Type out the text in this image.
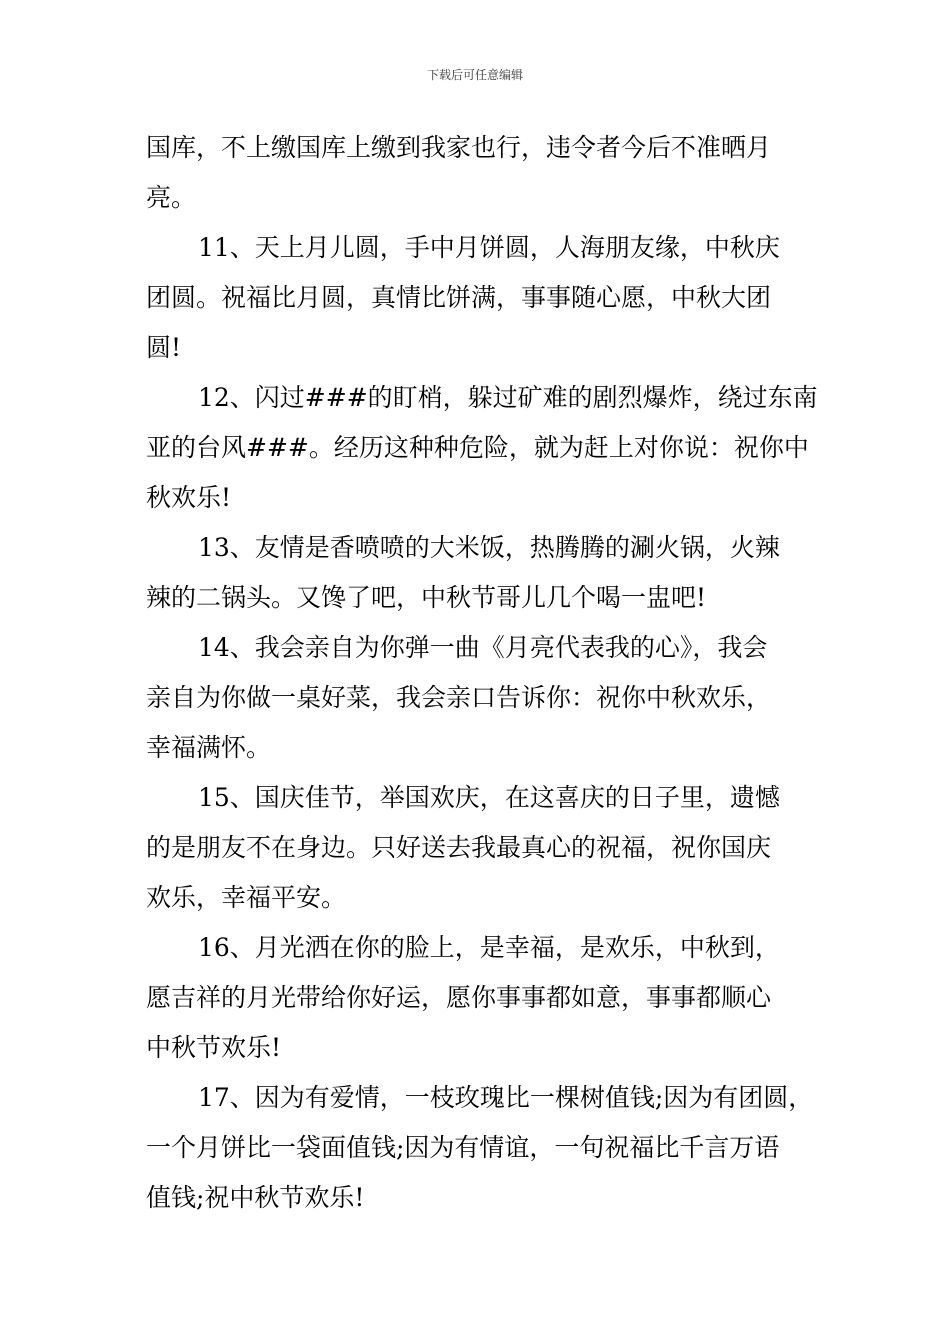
下载后可任意编辑
国库，不上缴国库上缴到我家也行，违令者今后不准晒月
亮。
11、天上月儿圆，手中月饼圆，人海朋友缘，中秋庆
团圆。祝福比月圆，真情比饼满，事事随心愿，中秋大团
圆!
12、闪过###的盯梢，躲过矿难的剧烈爆炸，绕过东南
亚的台风###。经历这种种危险，就为赶上对你说：祝你中
秋欢乐!
13、友情是香喷喷的大米饭，热腾腾的涮火锅，火辣
辣的二锅头。又馋了吧，中秋节哥儿几个喝一盅吧!
14、我会亲自为你弹一曲《月亮代表我的心》，我会
亲自为你做一桌好菜，我会亲口告诉你：祝你中秋欢乐，
幸福满怀。
15、国庆佳节，举国欢庆，在这喜庆的日子里，遗憾
的是朋友不在身边。只好送去我最真心的祝福，祝你国庆
欢乐，幸福平安。
16、月光洒在你的脸上，是幸福，是欢乐，中秋到，
愿吉祥的月光带给你好运，愿你事事都如意，事事都顺心
中秋节欢乐!
17、因为有爱情，一枝玫瑰比一棵树值钱;因为有团圆，
一个月饼比一袋面值钱;因为有情谊，一句祝福比千言万语
值钱;祝中秋节欢乐!
